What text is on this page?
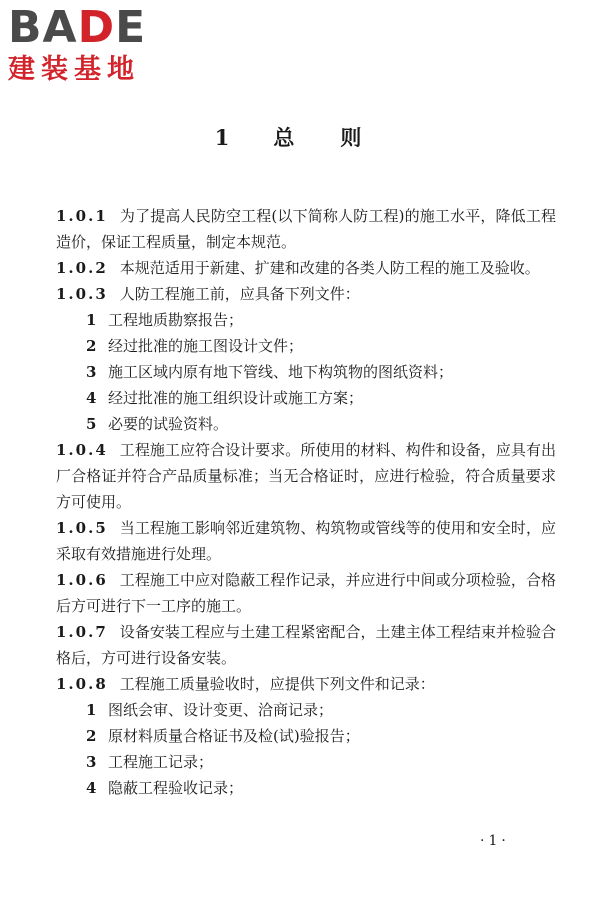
BADE
建装基地
1 总 则

1.0.1 为了提高人民防空工程(以下简称人防工程)的施工水平，降低工程造价，保证工程质量，制定本规范。

1.0.2 本规范适用于新建、扩建和改建的各类人防工程的施工及验收。

1.0.3 人防工程施工前，应具备下列文件：

1 工程地质勘察报告；

2 经过批准的施工图设计文件；

3 施工区域内原有地下管线、地下构筑物的图纸资料；

4 经过批准的施工组织设计或施工方案；

5 必要的试验资料。

1.0.4 工程施工应符合设计要求。所使用的材料、构件和设备，应具有出厂合格证并符合产品质量标准；当无合格证时，应进行检验，符合质量要求方可使用。

1.0.5 当工程施工影响邻近建筑物、构筑物或管线等的使用和安全时，应采取有效措施进行处理。

1.0.6 工程施工中应对隐蔽工程作记录，并应进行中间或分项检验，合格后方可进行下一工序的施工。

1.0.7 设备安装工程应与土建工程紧密配合，土建主体工程结束并检验合格后，方可进行设备安装。

1.0.8 工程施工质量验收时，应提供下列文件和记录：

1 图纸会审、设计变更、洽商记录；

2 原材料质量合格证书及检(试)验报告；

3 工程施工记录；

4 隐蔽工程验收记录；

·1·
